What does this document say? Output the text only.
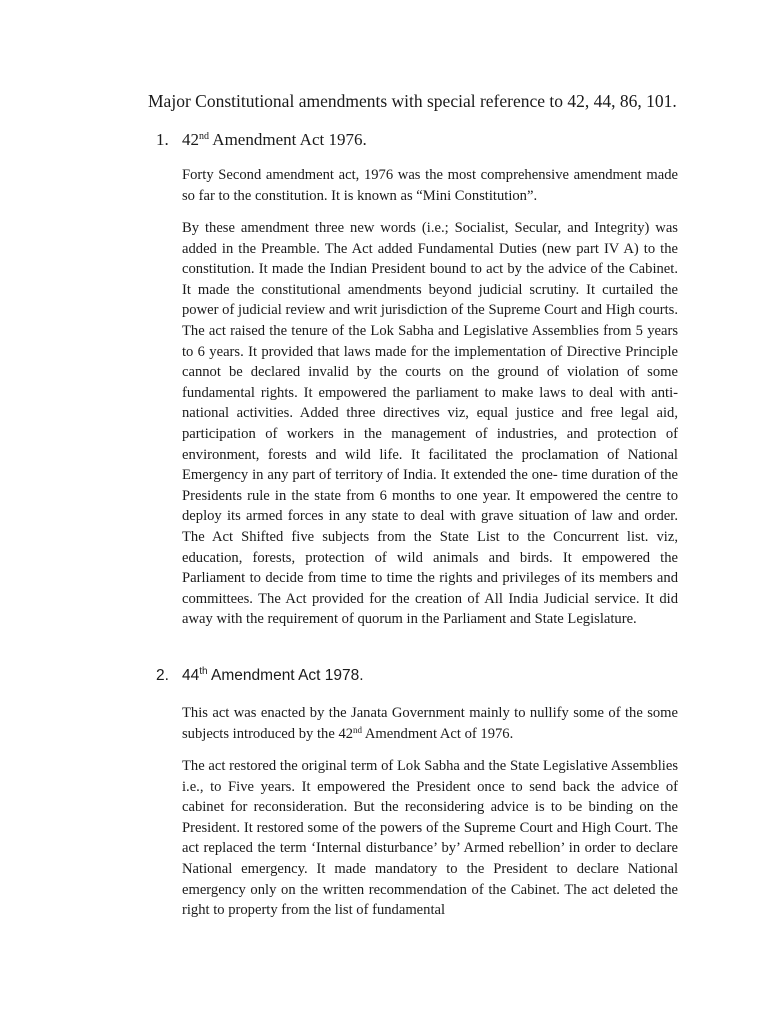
Major Constitutional amendments with special reference to 42, 44, 86, 101.
1. 42nd Amendment Act 1976.

Forty Second amendment act, 1976 was the most comprehensive amendment made so far to the constitution. It is known as “Mini Constitution”.

By these amendment three new words (i.e.; Socialist, Secular, and Integrity) was added in the Preamble. The Act added Fundamental Duties (new part IV A) to the constitution. It made the Indian President bound to act by the advice of the Cabinet. It made the constitutional amendments beyond judicial scrutiny. It curtailed the power of judicial review and writ jurisdiction of the Supreme Court and High courts. The act raised the tenure of the Lok Sabha and Legislative Assemblies from 5 years to 6 years. It provided that laws made for the implementation of Directive Principle cannot be declared invalid by the courts on the ground of violation of some fundamental rights. It empowered the parliament to make laws to deal with anti- national activities. Added three directives viz, equal justice and free legal aid, participation of workers in the management of industries, and protection of environment, forests and wild life. It facilitated the proclamation of National Emergency in any part of territory of India. It extended the one- time duration of the Presidents rule in the state from 6 months to one year. It empowered the centre to deploy its armed forces in any state to deal with grave situation of law and order. The Act Shifted five subjects from the State List to the Concurrent list. viz, education, forests, protection of wild animals and birds. It empowered the Parliament to decide from time to time the rights and privileges of its members and committees. The Act provided for the creation of All India Judicial service. It did away with the requirement of quorum in the Parliament and State Legislature.

2. 44th Amendment Act 1978.

This act was enacted by the Janata Government mainly to nullify some of the some subjects introduced by the 42nd Amendment Act of 1976.

The act restored the original term of Lok Sabha and the State Legislative Assemblies i.e., to Five years. It empowered the President once to send back the advice of cabinet for reconsideration. But the reconsidering advice is to be binding on the President. It restored some of the powers of the Supreme Court and High Court. The act replaced the term ‘Internal disturbance’ by’ Armed rebellion’ in order to declare National emergency. It made mandatory to the President to declare National emergency only on the written recommendation of the Cabinet. The act deleted the right to property from the list of fundamental
